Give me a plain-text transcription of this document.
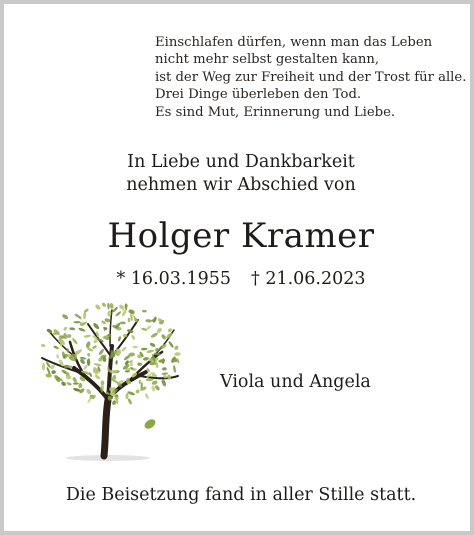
Einschlafen dürfen, wenn man das Leben
nicht mehr selbst gestalten kann,
ist der Weg zur Freiheit und der Trost für alle.
Drei Dinge überleben den Tod.
Es sind Mut, Erinnerung und Liebe.
In Liebe und Dankbarkeit
nehmen wir Abschied von
Holger Kramer
* 16.03.1955 † 21.06.2023
Viola und Angela
Die Beisetzung fand in aller Stille statt.
